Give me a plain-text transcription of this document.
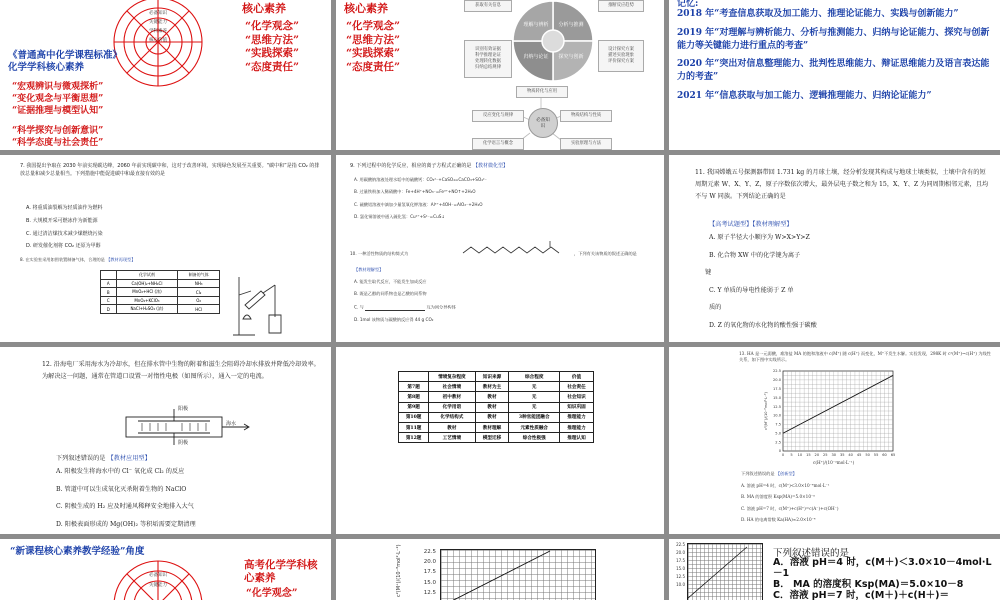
必备知识
关键能力
学科素养
核心价值
《普通高中化学课程标准》化学学科核心素养
“宏观辨识与微观探析”
“变化观念与平衡思想”
“证据推理与模型认知”
“科学探究与创新意识”
“科学态度与社会责任”
核心素养
“化学观念”
“思维方法”
“实践探索”
“态度责任”
核心素养
“化学观念”
“思维方法”
“实践探索”
“态度责任”
获取有关信息	推断反应趋势
理解与辨析 分析与推测
归纳与论证 探究与创新
识别有效证据
科学推理论证
处理转化数据
归纳总结规律
设计探究方案
描述实验现象
评价探究方案
物质转化与应用
反应变化与规律	物质结构与性质
必备知识
化学语言与概念	实验原理与方法
记忆:
2018 年“考查信息获取及加工能力、推理论证能力、实践与创新能力”
2019 年“对理解与辨析能力、分析与推测能力、归纳与论证能力、探究与创新能力等关键能力进行重点的考查”
2020 年“突出对信息整理能力、批判性思维能力、辩证思维能力及语言表达能力的考查”
2021 年“信息获取与加工能力、逻辑推理能力、归纳论证能力”
7. 我国提出争取在 2030 年前实现碳达峰，2060 年前实现碳中和，这对于改善环境，实现绿色发展至关重要。“碳中和”是指 CO₂ 的排放总量和减少总量相当。下列措施中能促进碳中和最直接有效的是
A. 将重质油裂解为轻质油作为燃料
B. 大规模开采可燃冰作为新能源
C. 通过清洁煤技术减少煤燃烧污染
D. 研发催化剂将 CO₂ 还原为甲醇
8. 在实验室采用如图装置制备气体，合理的是 【教材再现型】
	化学试剂	制备的气体
A	Ca(OH)₂+NH₄Cl	NH₃
B	MnO₂+HCl (浓)	Cl₂
C	MnO₂+KClO₃	O₂
D	NaCl+H₂SO₄ (浓)	HCl
9. 下列过程中的化学反应，相应的离子方程式正确的是 【教材微化型】
A. 用碳酸钠溶液处理水垢中的硫酸钙：CO₃²⁻+CaSO₄=CaCO₃+SO₄²⁻
B. 过量铁粉加入稀硝酸中：Fe+4H⁺+NO₃⁻=Fe³⁺+NO↑+2H₂O
C. 硫酸铝溶液中滴加少量氢氧化钾溶液：Al³⁺+4OH⁻=AlO₂⁻+2H₂O
D. 氯化铜溶液中通入硫化氢：Cu²⁺+S²⁻=CuS↓
10. 一种活性物质的结构简式为	，下列有关该物质的叙述正确的是
【教材理解型】
A. 能发生取代反应，不能发生加成反应
B. 既是乙醇的同系物也是乙酸的同系物
C. 与	互为同分异构体
D. 1mol 该物质与碳酸钠反应得 44 g CO₂
11. 我国嫦娥五号探测器带回 1.731 kg 的月球土壤，经分析发现其构成与地球土壤类似，土壤中含有的短周期元素 W、X、Y、Z，原子序数依次增大，最外层电子数之和为 15，X、Y、Z 为同周期相邻元素，且均不与 W 同族。下列结论正确的是
【高考试题型】【教材理解型】
A. 原子半径大小顺序为 W>X>Y>Z
B. 化合物 XW 中的化学键为离子
键
C. Y 单质的导电性能弱于 Z 单
质的
D. Z 的氧化物的水化物的酸性强于碳酸
12. 沿海电厂采用海水为冷却水，但在排水管中生物的附着和滋生会阻碍冷却水排放并降低冷却效率。为解决这一问题，通常在管道口设置一对惰性电极（如图所示），通入一定的电流。
阳极
阴极
海水
下列叙述错误的是 【教材应用型】
A. 阳极发生将海水中的 Cl⁻ 氧化成 Cl₂ 的反应
B. 管道中可以生成氧化灭杀附着生物的 NaClO
C. 阴极生成的 H₂ 应及时通风稀释安全地排入大气
D. 阳极表面形成的 Mg(OH)₂ 等积垢需要定期清理
	情境复杂程度	知识来源	综合程度	价值
第7题	社会情境	教材为主	无	社会责任
第8题	初中教材	教材	无	社会知识
第9题	化学用语	教材	无	知识巩固
第10题	化学结构式	教材	3种官能团融合	推理能力
第11题	教材	教材理解	元素性质融合	推理能力
第12题	工艺情境	模型迁移	综合性极强	推理认知
13. HA 是一元弱酸，难溶盐 MA 的饱和溶液中 c(M⁺) 随 c(H⁺) 而变化，M⁺不发生水解。实验发现，298K 时 c²(M⁺)~c(H⁺) 为线性关系，如下图中实线所示。
0 5 10 15 20 25 30 35 40 45 50 55 60 65
0
2.5
5.0
7.5
10.0
12.5
15.0
17.5
20.0
22.5
c²(M⁺)/(10⁻⁸mol²·L⁻²)
c(H⁺)/(10⁻⁵mol·L⁻¹)
下列叙述错误的是 【创新型】
A. 溶液 pH=4 时，c(M⁺)<3.0×10⁻⁴mol·L⁻¹
B. MA 的溶度积 Ksp(MA)=5.0×10⁻⁸
C. 溶液 pH=7 时，c(M⁺)+c(H⁺)=c(A⁻)+c(OH⁻)
D. HA 的电离常数 Ka(HA)≈2.0×10⁻⁴
“新课程核心素养教学经验”角度
必备知识
关键能力
高考化学学科核心素养
“化学观念”	c²(M⁺)/(10⁻⁸mol²·L⁻²)	22.5
20.0
17.5
15.0
12.5
22.5
20.0
17.5
15.0
12.5
10.0
下列叙述错误的是
A．溶液 pH＝4 时，c(M＋)＜3.0×10－4mol·L－1
B． MA 的溶度积 Ksp(MA)＝5.0×10－8
C．溶液 pH＝7 时，c(M＋)＋c(H＋)＝
